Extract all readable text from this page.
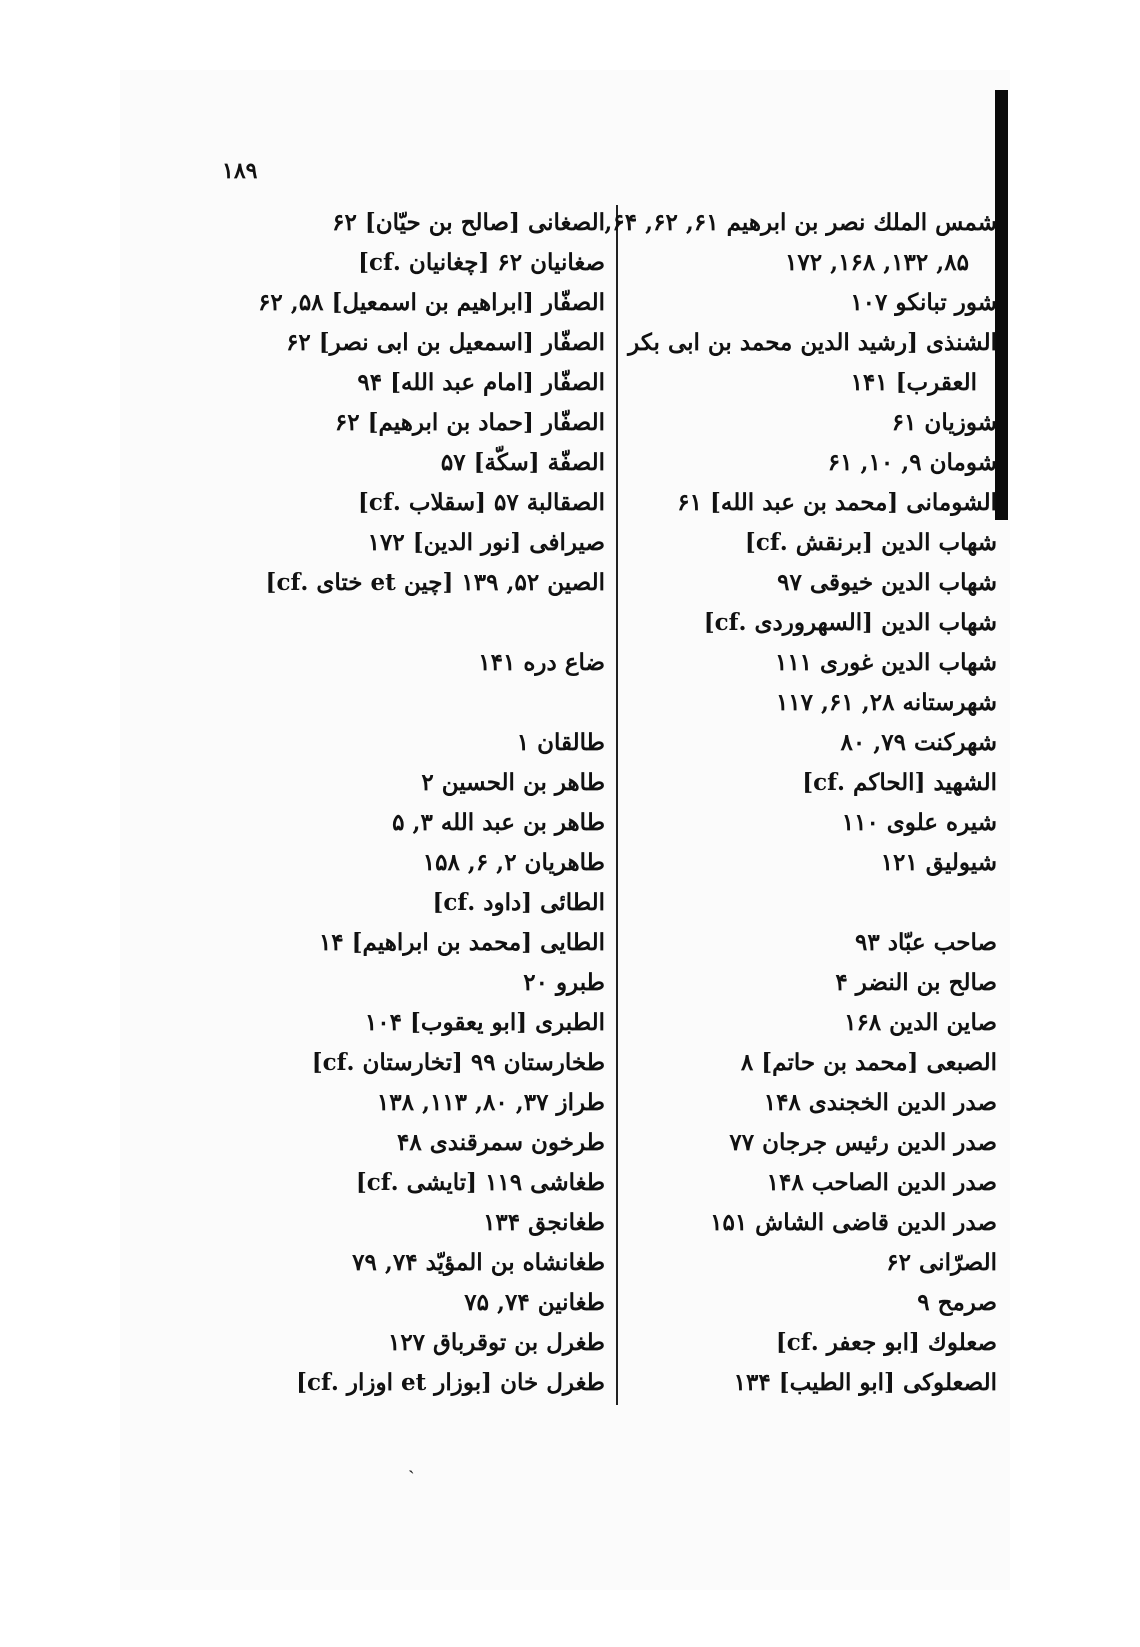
۱۸۹
شمس الملك نصر بن ابرهيم ۶۱, ۶۲, ۶۴,
۸۵, ۱۳۲, ۱۶۸, ۱۷۲
شور تبانكو ۱۰۷
الشنذی [رشيد الدين محمد بن ابی بكر
العقرب] ۱۴۱
شوزيان ۶۱
شومان ۹, ۱۰, ۶۱
الشومانی [محمد بن عبد الله] ۶۱
شهاب الدين [برنقش .cf]
شهاب الدين خيوقی ۹۷
شهاب الدين [السهروردی .cf]
شهاب الدين غوری ۱۱۱
شهرستانه ۲۸, ۶۱, ۱۱۷
شهركنت ۷۹, ۸۰
الشهيد [الحاكم .cf]
شيره علوی ۱۱۰
شيوليق ۱۲۱
صاحب عبّاد ۹۳
صالح بن النضر ۴
صاين الدين ۱۶۸
الصبعی [محمد بن حاتم] ۸
صدر الدين الخجندی ۱۴۸
صدر الدين رئيس جرجان ۷۷
صدر الدين الصاحب ۱۴۸
صدر الدين قاضی الشاش ۱۵۱
الصرّانی ۶۲
صرمح ۹
صعلوك [ابو جعفر .cf]
الصعلوكی [ابو الطيب] ۱۳۴
الصغانی [صالح بن حيّان] ۶۲
صغانيان ۶۲ [چغانيان .cf]
الصفّار [ابراهيم بن اسمعيل] ۵۸, ۶۲
الصفّار [اسمعيل بن ابی نصر] ۶۲
الصفّار [امام عبد الله] ۹۴
الصفّار [حماد بن ابرهيم] ۶۲
الصفّة [سكّة] ۵۷
الصقالبة ۵۷ [سقلاب .cf]
صيرافی [نور الدين] ۱۷۲
الصين ۵۲, ۱۳۹ [چين et ختای .cf]
ضاع دره ۱۴۱
طالقان ۱
طاهر بن الحسين ۲
طاهر بن عبد الله ۳, ۵
طاهريان ۲, ۶, ۱۵۸
الطائی [داود .cf]
الطايی [محمد بن ابراهيم] ۱۴
طبرو ۲۰
الطبری [ابو يعقوب] ۱۰۴
طخارستان ۹۹ [تخارستان .cf]
طراز ۳۷, ۸۰, ۱۱۳, ۱۳۸
طرخون سمرقندی ۴۸
طغاشی ۱۱۹ [تايشی .cf]
طغانجق ۱۳۴
طغانشاه بن المؤيّد ۷۴, ۷۹
طغانين ۷۴, ۷۵
طغرل بن توقرباق ۱۲۷
طغرل خان [بوزار et اوزار .cf]
ˏ
